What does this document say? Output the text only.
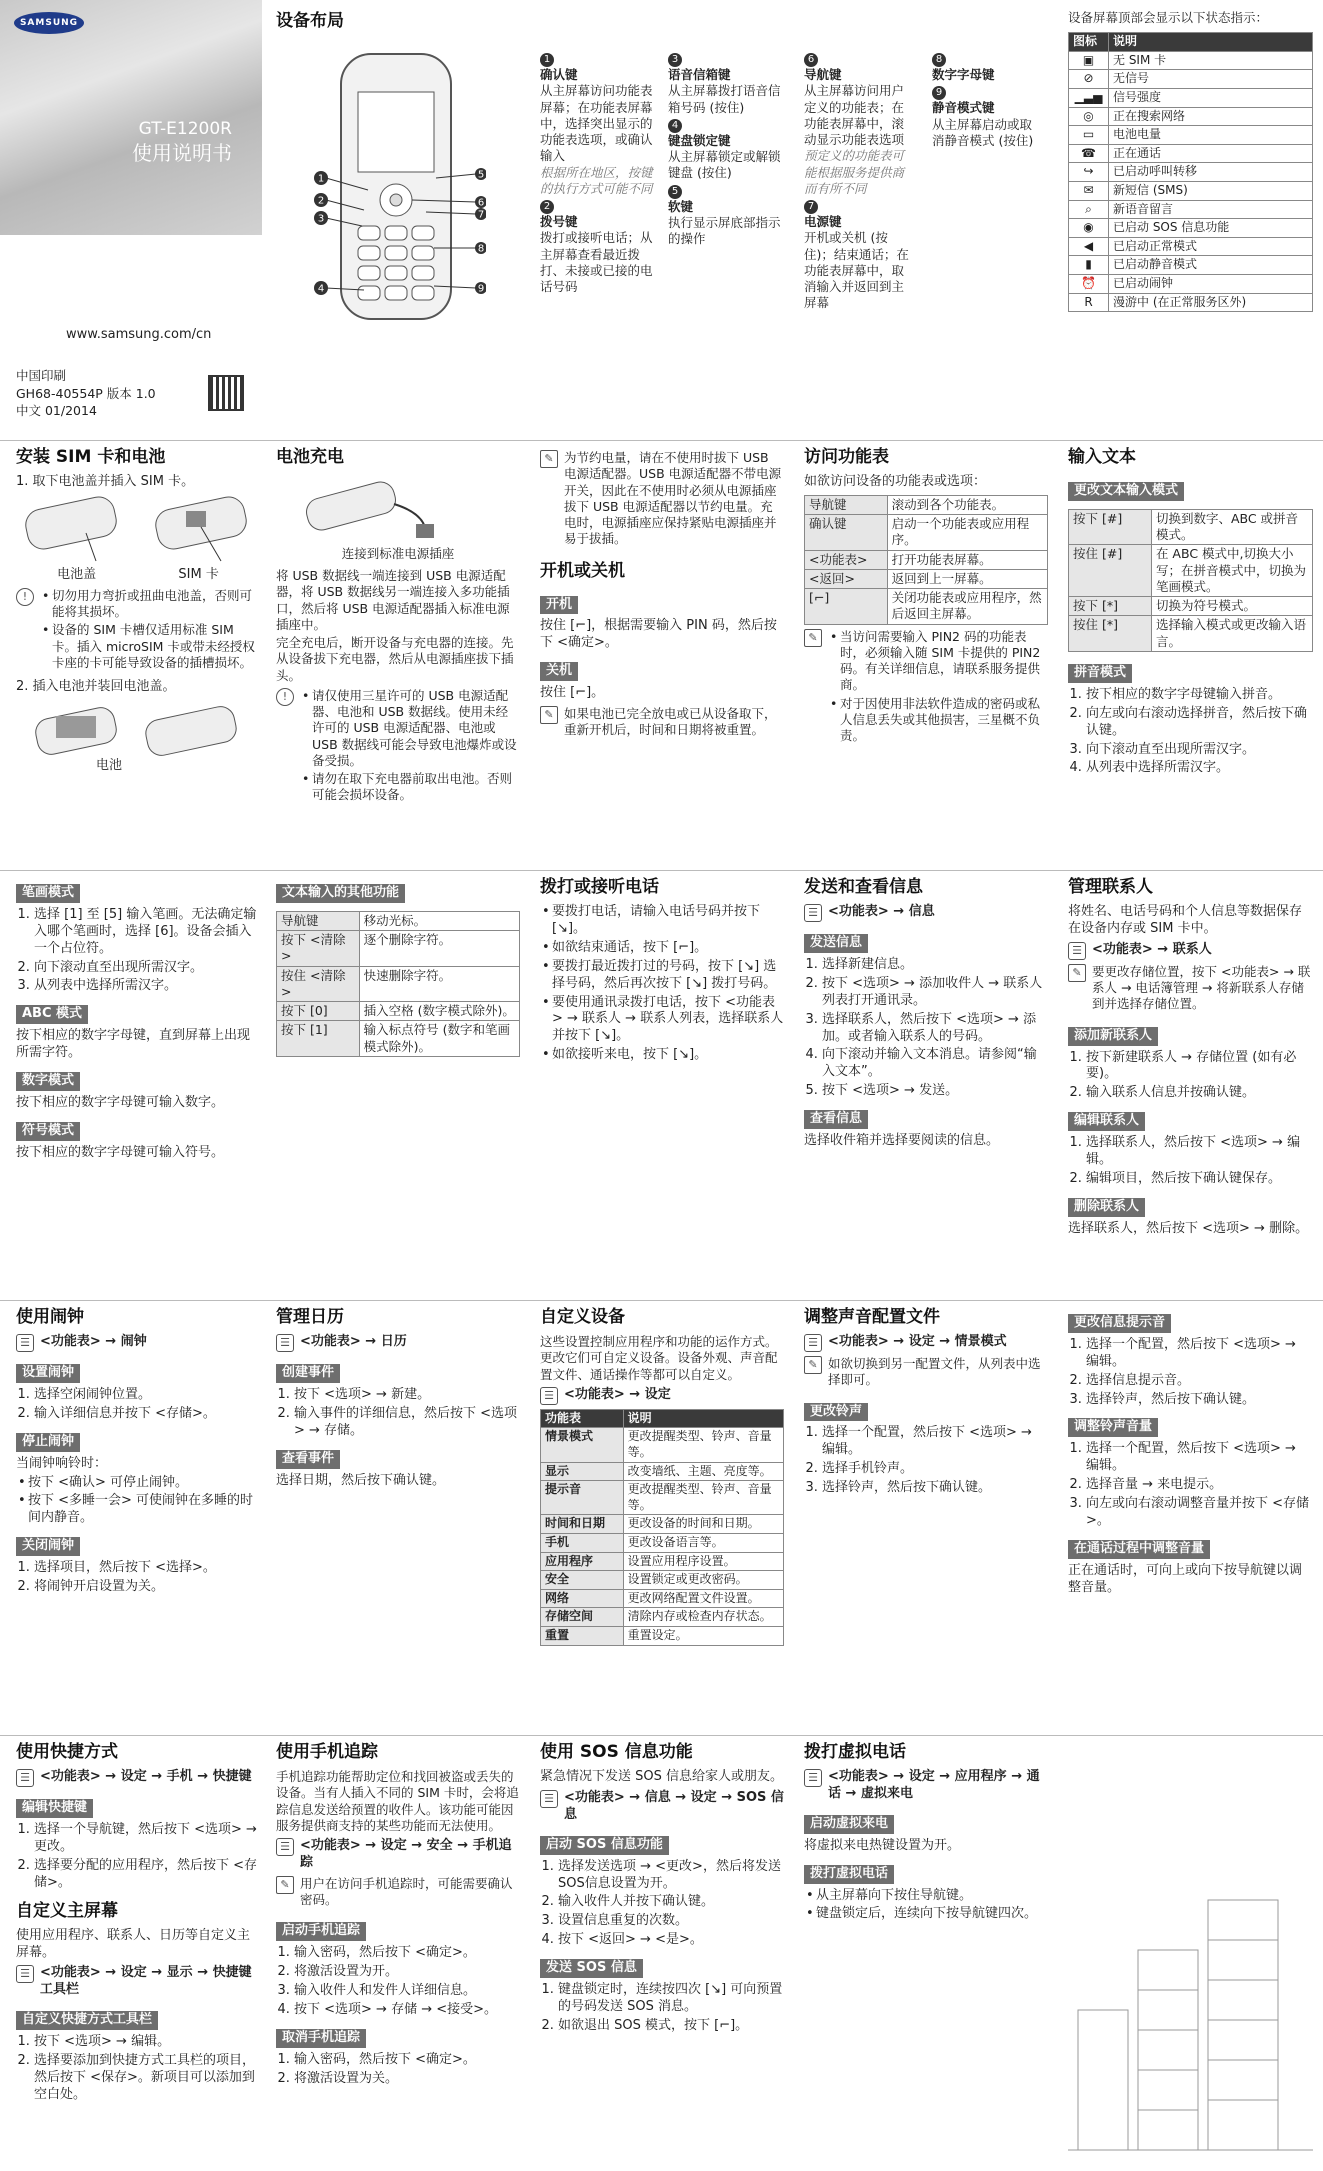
SAMSUNG
GT-E1200R
使用说明书
www.samsung.com/cn
中国印刷
GH68-40554P 版本 1.0
中文 01/2014
设备布局
1
2
3
4
5
6
7
8
9
1
确认键
从主屏幕访问功能表屏幕；在功能表屏幕中，选择突出显示的功能表选项，或确认输入
根据所在地区，按键的执行方式可能不同
2
拨号键
拨打或接听电话；从主屏幕查看最近拨打、未接或已接的电话号码
3
语音信箱键
从主屏幕拨打语音信箱号码 (按住)
4
键盘锁定键
从主屏幕锁定或解锁键盘 (按住)
5
软键
执行显示屏底部指示的操作
6
导航键
从主屏幕访问用户定义的功能表；在功能表屏幕中，滚动显示功能表选项
预定义的功能表可能根据服务提供商而有所不同
7
电源键
开机或关机 (按住)；结束通话；在功能表屏幕中，取消输入并返回到主屏幕
8
数字字母键
9
静音模式键
从主屏幕启动或取消静音模式 (按住)

设备屏幕顶部会显示以下状态指示：

图标	说明
▣	无 SIM 卡
⊘	无信号
▁▃▅	信号强度
◎	正在搜索网络
▭	电池电量
☎	正在通话
↪	已启动呼叫转移
✉	新短信 (SMS)
⌕	新语音留言
◉	已启动 SOS 信息功能
◀	已启动正常模式
▮	已启动静音模式
⏰	已启动闹钟
R	漫游中 (在正常服务区外)
安装 SIM 卡和电池

1. 取下电池盖并插入 SIM 卡。

电池盖	SIM 卡
!	• 切勿用力弯折或扭曲电池盖，否则可能将其损坏。
• 设备的 SIM 卡槽仅适用标准 SIM 卡。插入 microSIM 卡或带未经授权卡座的卡可能导致设备的插槽损坏。

2. 插入电池并装回电池盖。

电池
电池充电

连接到标准电源插座

将 USB 数据线一端连接到 USB 电源适配器，将 USB 数据线另一端连接入多功能插口，然后将 USB 电源适配器插入标准电源插座中。

完全充电后，断开设备与充电器的连接。先从设备拔下充电器，然后从电源插座拔下插头。

!	• 请仅使用三星许可的 USB 电源适配器、电池和 USB 数据线。使用未经许可的 USB 电源适配器、电池或 USB 数据线可能会导致电池爆炸或设备受损。
• 请勿在取下充电器前取出电池。否则可能会损坏设备。
✎ 为节约电量，请在不使用时拔下 USB 电源适配器。USB 电源适配器不带电源开关，因此在不使用时必须从电源插座拔下 USB 电源适配器以节约电量。充电时，电源插座应保持紧贴电源插座并易于拔插。

开机或关机
开机

按住 [⌐]，根据需要输入 PIN 码，然后按下 <确定>。

关机

按住 [⌐]。

✎ 如果电池已完全放电或已从设备取下，重新开机后，时间和日期将被重置。

访问功能表

如欲访问设备的功能表或选项：

导航键	滚动到各个功能表。
确认键	启动一个功能表或应用程序。
<功能表>	打开功能表屏幕。
<返回>	返回到上一屏幕。
[⌐]	关闭功能表或应用程序，然后返回主屏幕。
✎	• 当访问需要输入 PIN2 码的功能表时，必须输入随 SIM 卡提供的 PIN2 码。有关详细信息，请联系服务提供商。
• 对于因使用非法软件造成的密码或私人信息丢失或其他损害，三星概不负责。
输入文本
更改文本输入模式
按下 [#]	切换到数字、ABC 或拼音模式。
按住 [#]	在 ABC 模式中,切换大小写；在拼音模式中，切换为笔画模式。
按下 [*]	切换为符号模式。
按住 [*]	选择输入模式或更改输入语言。
拼音模式
1. 按下相应的数字字母键输入拼音。
2. 向左或向右滚动选择拼音，然后按下确认键。
3. 向下滚动直至出现所需汉字。
4. 从列表中选择所需汉字。
笔画模式
1. 选择 [1] 至 [5] 输入笔画。无法确定输入哪个笔画时，选择 [6]。设备会插入一个占位符。
2. 向下滚动直至出现所需汉字。
3. 从列表中选择所需汉字。
ABC 模式

按下相应的数字字母键，直到屏幕上出现所需字符。

数字模式

按下相应的数字字母键可输入数字。

符号模式

按下相应的数字字母键可输入符号。

文本输入的其他功能
导航键	移动光标。
按下 <清除>	逐个删除字符。
按住 <清除>	快速删除字符。
按下 [0]	插入空格 (数字模式除外)。
按下 [1]	输入标点符号 (数字和笔画模式除外)。
拨打或接听电话
• 要拨打电话，请输入电话号码并按下 [↘]。
• 如欲结束通话，按下 [⌐]。
• 要拨打最近拨打过的号码，按下 [↘] 选择号码，然后再次按下 [↘] 拨打号码。
• 要使用通讯录拨打电话，按下 <功能表> → 联系人 → 联系人列表，选择联系人并按下 [↘]。
• 如欲接听来电，按下 [↘]。
发送和查看信息
☰ <功能表> → 信息
发送信息
1. 选择新建信息。
2. 按下 <选项> → 添加收件人 → 联系人列表打开通讯录。
3. 选择联系人，然后按下 <选项> → 添加。或者输入联系人的号码。
4. 向下滚动并输入文本消息。请参阅“输入文本”。
5. 按下 <选项> → 发送。
查看信息

选择收件箱并选择要阅读的信息。

管理联系人

将姓名、电话号码和个人信息等数据保存在设备内存或 SIM 卡中。

☰ <功能表> → 联系人
✎ 要更改存储位置，按下 <功能表> → 联系人 → 电话簿管理 → 将新联系人存储到并选择存储位置。

添加新联系人
1. 按下新建联系人 → 存储位置 (如有必要)。
2. 输入联系人信息并按确认键。
编辑联系人
1. 选择联系人，然后按下 <选项> → 编辑。
2. 编辑项目，然后按下确认键保存。
删除联系人

选择联系人，然后按下 <选项> → 删除。

使用闹钟
☰ <功能表> → 闹钟
设置闹钟
1. 选择空闲闹钟位置。
2. 输入详细信息并按下 <存储>。
停止闹钟

当闹钟响铃时：

• 按下 <确认> 可停止闹钟。
• 按下 <多睡一会> 可使闹钟在多睡的时间内静音。
关闭闹钟
1. 选择项目，然后按下 <选择>。
2. 将闹钟开启设置为关。
管理日历
☰ <功能表> → 日历
创建事件
1. 按下 <选项> → 新建。
2. 输入事件的详细信息，然后按下 <选项> → 存储。
查看事件

选择日期，然后按下确认键。

自定义设备

这些设置控制应用程序和功能的运作方式。更改它们可自定义设备。设备外观、声音配置文件、通话操作等都可以自定义。

☰ <功能表> → 设定
功能表	说明
情景模式	更改提醒类型、铃声、音量等。
显示	改变墙纸、主题、亮度等。
提示音	更改提醒类型、铃声、音量等。
时间和日期	更改设备的时间和日期。
手机	更改设备语言等。
应用程序	设置应用程序设置。
安全	设置锁定或更改密码。
网络	更改网络配置文件设置。
存储空间	清除内存或检查内存状态。
重置	重置设定。
调整声音配置文件
☰ <功能表> → 设定 → 情景模式
✎ 如欲切换到另一配置文件，从列表中选择即可。

更改铃声
1. 选择一个配置，然后按下 <选项> → 编辑。
2. 选择手机铃声。
3. 选择铃声，然后按下确认键。
更改信息提示音
1. 选择一个配置，然后按下 <选项> → 编辑。
2. 选择信息提示音。
3. 选择铃声，然后按下确认键。
调整铃声音量
1. 选择一个配置，然后按下 <选项> → 编辑。
2. 选择音量 → 来电提示。
3. 向左或向右滚动调整音量并按下 <存储>。
在通话过程中调整音量

正在通话时，可向上或向下按导航键以调整音量。

使用快捷方式
☰ <功能表> → 设定 → 手机 → 快捷键
编辑快捷键
1. 选择一个导航键，然后按下 <选项> → 更改。
2. 选择要分配的应用程序，然后按下 <存储>。
自定义主屏幕

使用应用程序、联系人、日历等自定义主屏幕。

☰ <功能表> → 设定 → 显示 → 快捷键工具栏
自定义快捷方式工具栏
1. 按下 <选项> → 编辑。
2. 选择要添加到快捷方式工具栏的项目，然后按下 <保存>。新项目可以添加到空白处。
使用手机追踪

手机追踪功能帮助定位和找回被盗或丢失的设备。当有人插入不同的 SIM 卡时，会将追踪信息发送给预置的收件人。该功能可能因服务提供商支持的某些功能而无法使用。

☰ <功能表> → 设定 → 安全 → 手机追踪
✎ 用户在访问手机追踪时，可能需要确认密码。

启动手机追踪
1. 输入密码，然后按下 <确定>。
2. 将激活设置为开。
3. 输入收件人和发件人详细信息。
4. 按下 <选项> → 存储 → <接受>。
取消手机追踪
1. 输入密码，然后按下 <确定>。
2. 将激活设置为关。
使用 SOS 信息功能

紧急情况下发送 SOS 信息给家人或朋友。

☰ <功能表> → 信息 → 设定 → SOS 信息
启动 SOS 信息功能
1. 选择发送选项 → <更改>，然后将发送 SOS信息设置为开。
2. 输入收件人并按下确认键。
3. 设置信息重复的次数。
4. 按下 <返回> → <是>。
发送 SOS 信息
1. 键盘锁定时，连续按四次 [↘] 可向预置的号码发送 SOS 消息。
2. 如欲退出 SOS 模式，按下 [⌐]。
拨打虚拟电话
☰ <功能表> → 设定 → 应用程序 → 通话 → 虚拟来电
启动虚拟来电

将虚拟来电热键设置为开。

拨打虚拟电话
• 从主屏幕向下按住导航键。
• 键盘锁定后，连续向下按导航键四次。
